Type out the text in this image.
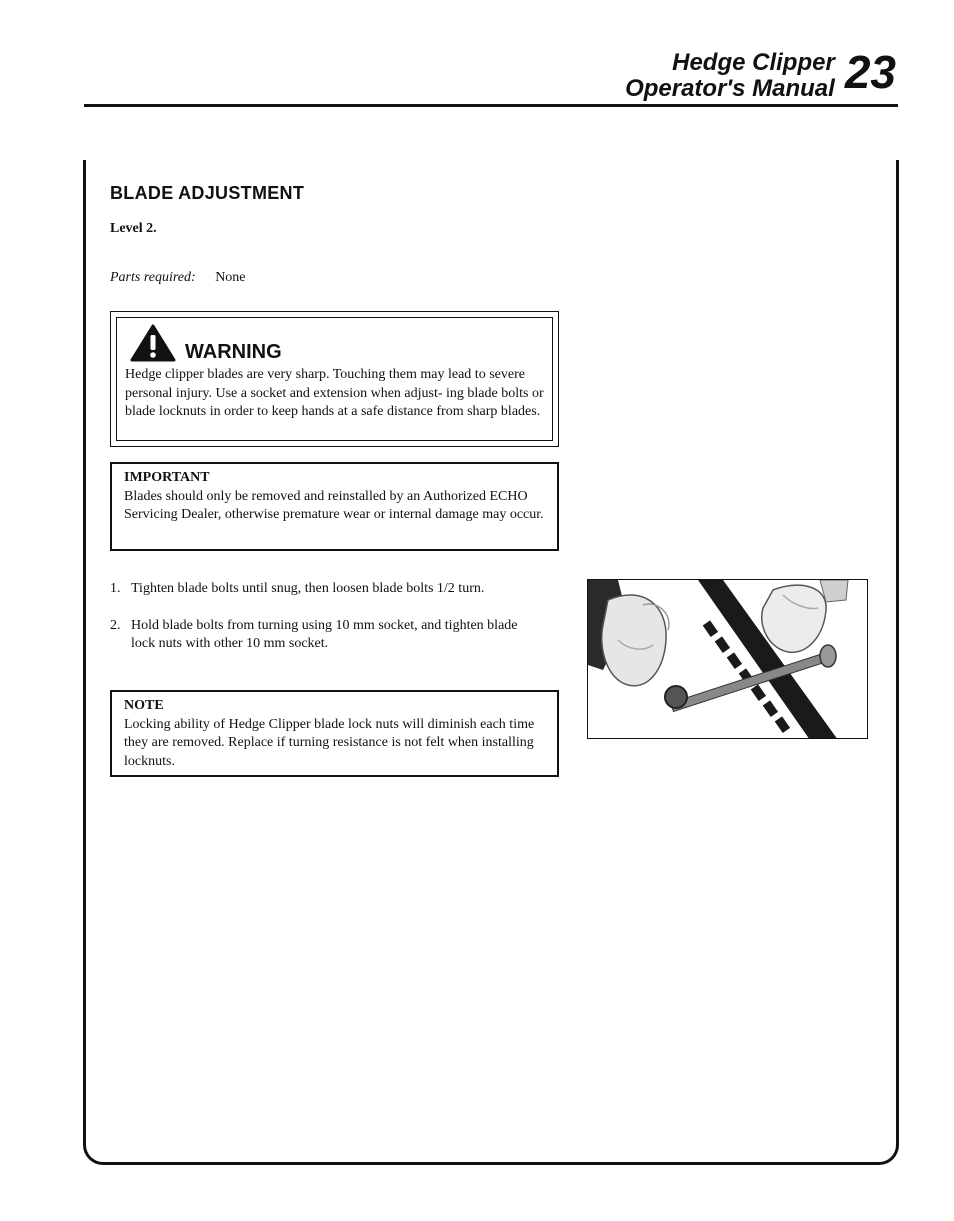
Hedge Clipper
Operator's Manual 23
BLADE ADJUSTMENT
Level 2.
Parts required: None
WARNING
Hedge clipper blades are very sharp. Touching them may lead to severe personal injury. Use a socket and extension when adjust- ing blade bolts or blade locknuts in order to keep hands at a safe distance from sharp blades.
IMPORTANT
Blades should only be removed and reinstalled by an Authorized ECHO Servicing Dealer, otherwise premature wear or internal damage may occur.
1. Tighten blade bolts until snug, then loosen blade bolts 1/2 turn.
2. Hold blade bolts from turning using 10 mm socket, and tighten blade lock nuts with other 10 mm socket.
NOTE
Locking ability of Hedge Clipper blade lock nuts will diminish each time they are removed. Replace if turning resistance is not felt when installing locknuts.
